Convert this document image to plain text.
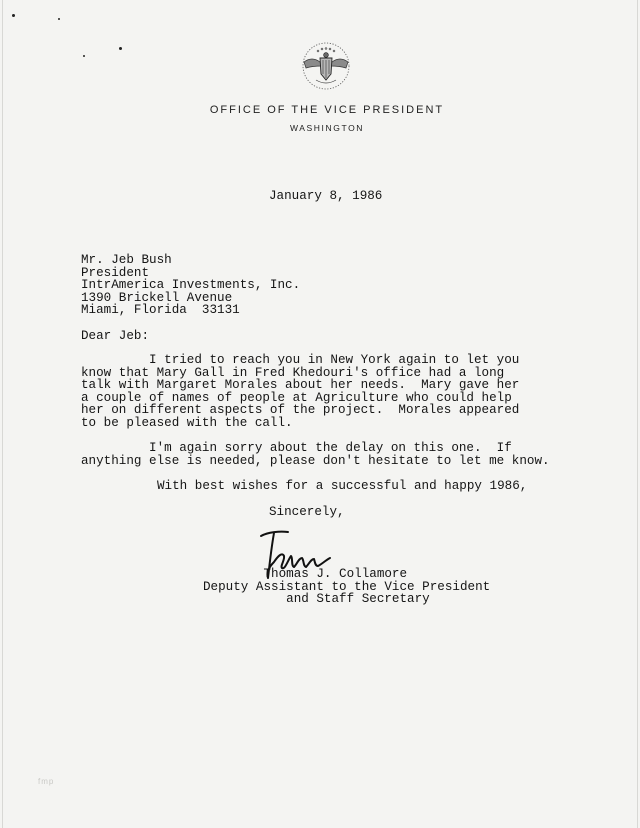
OFFICE OF THE VICE PRESIDENT
WASHINGTON
January 8, 1986
Mr. Jeb Bush
President
IntrAmerica Investments, Inc.
1390 Brickell Avenue
Miami, Florida  33131
Dear Jeb:
I tried to reach you in New York again to let you
know that Mary Gall in Fred Khedouri's office had a long
talk with Margaret Morales about her needs.  Mary gave her
a couple of names of people at Agriculture who could help
her on different aspects of the project.  Morales appeared
to be pleased with the call.
I'm again sorry about the delay on this one.  If
anything else is needed, please don't hesitate to let me know.
With best wishes for a successful and happy 1986,
Sincerely,
Thomas J. Collamore
Deputy Assistant to the Vice President
and Staff Secretary
fmp
